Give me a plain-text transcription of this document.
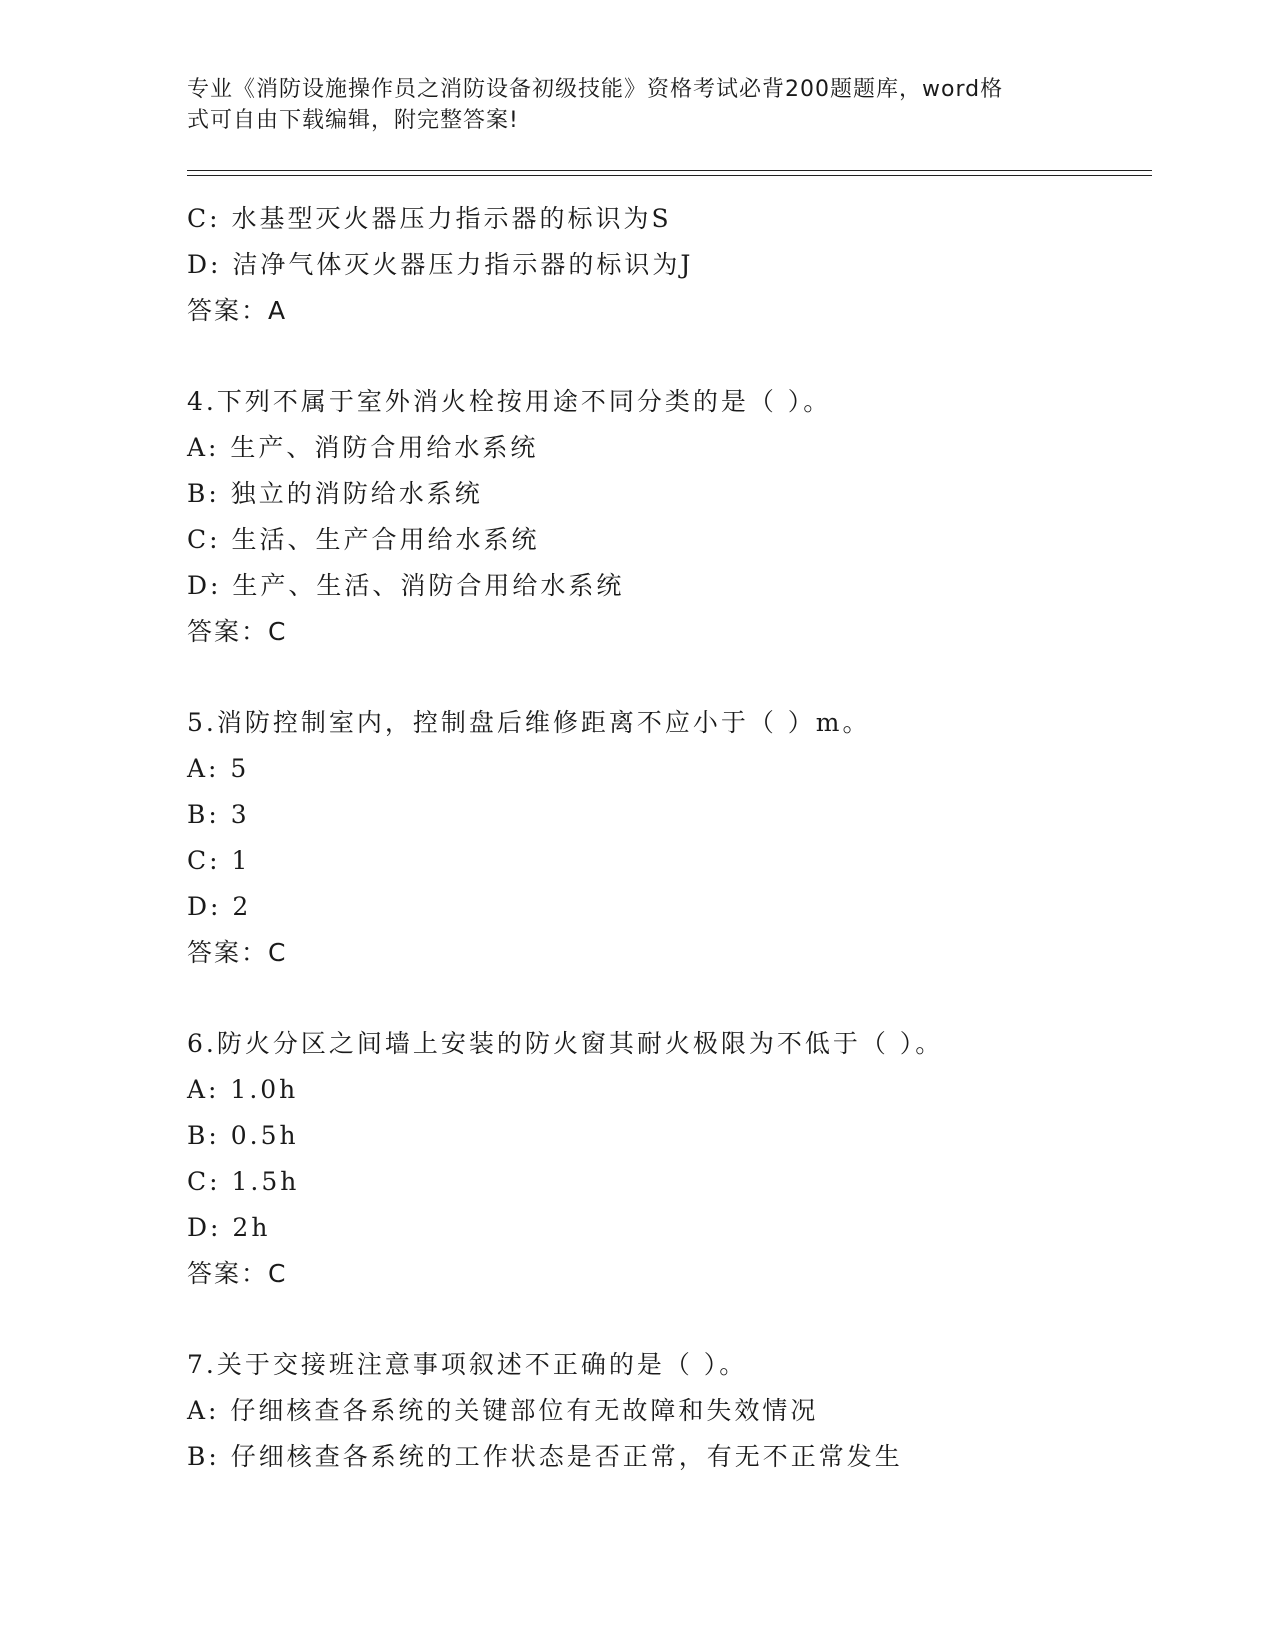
专业《消防设施操作员之消防设备初级技能》资格考试必背200题题库，word格
式可自由下载编辑，附完整答案!
C: 水基型灭火器压力指示器的标识为S
D: 洁净气体灭火器压力指示器的标识为J
答案：A
4.下列不属于室外消火栓按用途不同分类的是（ ）。
A: 生产、消防合用给水系统
B: 独立的消防给水系统
C: 生活、生产合用给水系统
D: 生产、生活、消防合用给水系统
答案：C
5.消防控制室内，控制盘后维修距离不应小于（ ）m。
A: 5
B: 3
C: 1
D: 2
答案：C
6.防火分区之间墙上安装的防火窗其耐火极限为不低于（ ）。
A: 1.0h
B: 0.5h
C: 1.5h
D: 2h
答案：C
7.关于交接班注意事项叙述不正确的是（ ）。
A: 仔细核查各系统的关键部位有无故障和失效情况
B: 仔细核查各系统的工作状态是否正常，有无不正常发生
